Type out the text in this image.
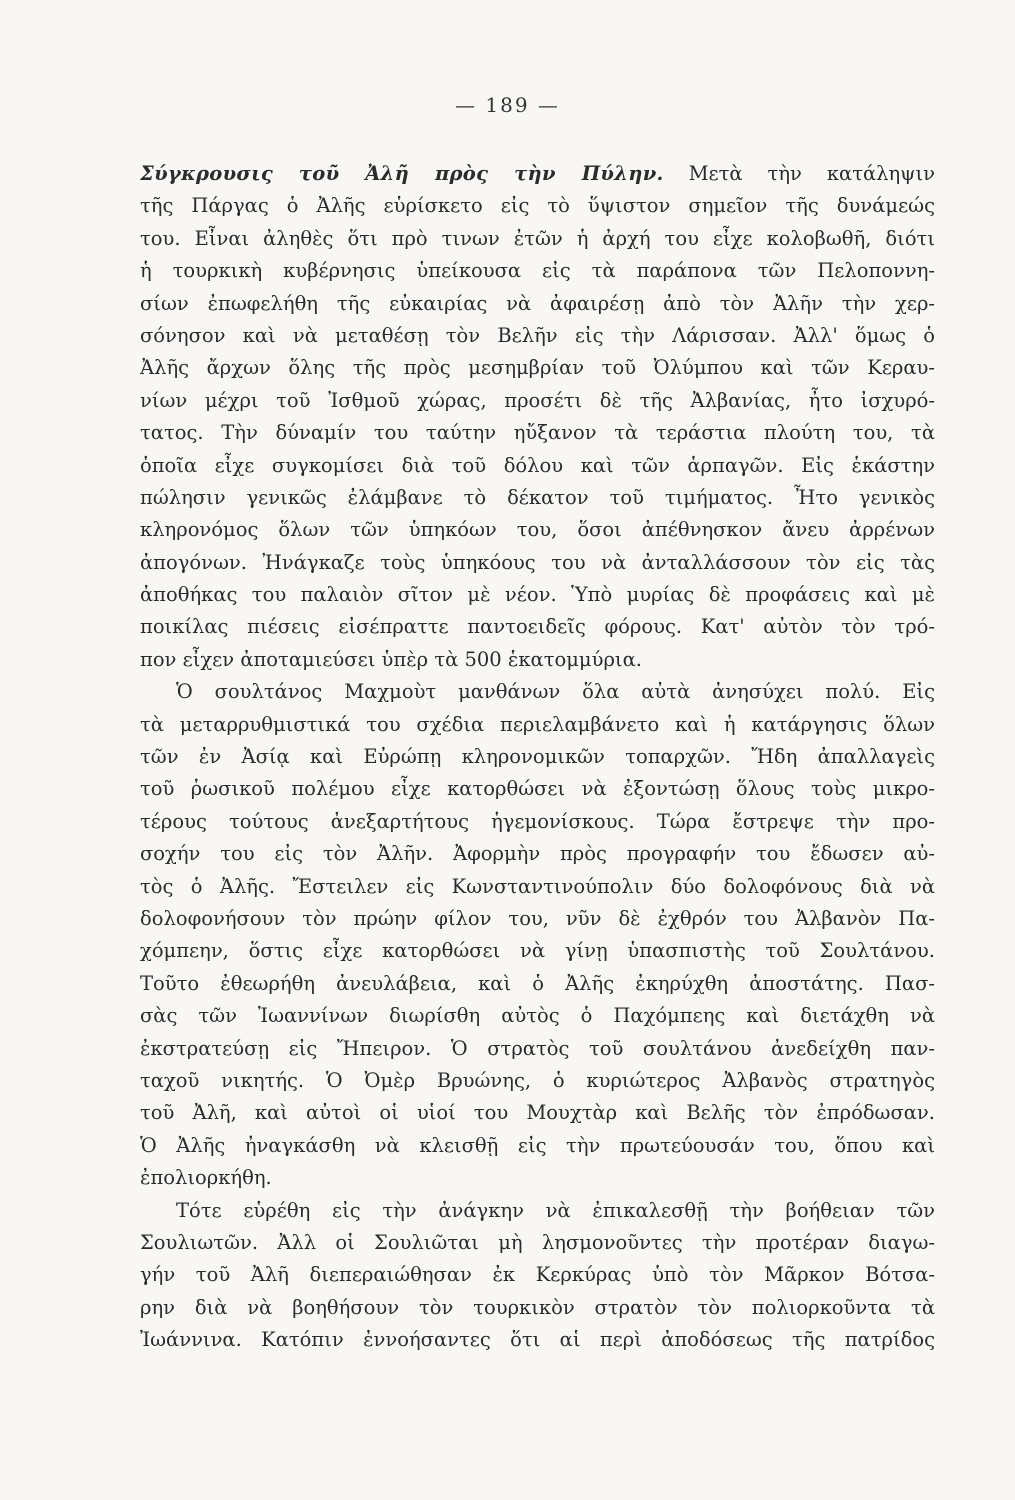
— 189 —
Σύγκρουσις τοῦ Ἀλῆ πρὸς τὴν Πύλην. Μετὰ τὴν κατάληψιν
τῆς Πάργας ὁ Ἀλῆς εὑρίσκετο εἰς τὸ ὕψιστον σημεῖον τῆς δυνάμεώς
του. Εἶναι ἀληθὲς ὅτι πρὸ τινων ἐτῶν ἡ ἀρχή του εἶχε κολοβωθῆ, διότι
ἡ τουρκικὴ κυβέρνησις ὑπείκουσα εἰς τὰ παράπονα τῶν Πελοποννη-
σίων ἐπωφελήθη τῆς εὐκαιρίας νὰ ἀφαιρέσῃ ἀπὸ τὸν Ἀλῆν τὴν χερ-
σόνησον καὶ νὰ μεταθέσῃ τὸν Βελῆν εἰς τὴν Λάρισσαν. Ἀλλ' ὅμως ὁ
Ἀλῆς ἄρχων ὅλης τῆς πρὸς μεσημβρίαν τοῦ Ὀλύμπου καὶ τῶν Κεραυ-
νίων μέχρι τοῦ Ἰσθμοῦ χώρας, προσέτι δὲ τῆς Ἀλβανίας, ἦτο ἰσχυρό-
τατος. Τὴν δύναμίν του ταύτην ηὔξανον τὰ τεράστια πλούτη του, τὰ
ὁποῖα εἶχε συγκομίσει διὰ τοῦ δόλου καὶ τῶν ἁρπαγῶν. Εἰς ἑκάστην
πώλησιν γενικῶς ἐλάμβανε τὸ δέκατον τοῦ τιμήματος. Ἦτο γενικὸς
κληρονόμος ὅλων τῶν ὑπηκόων του, ὅσοι ἀπέθνησκον ἄνευ ἀρρένων
ἀπογόνων. Ἠνάγκαζε τοὺς ὑπηκόους του νὰ ἀνταλλάσσουν τὸν εἰς τὰς
ἀποθήκας του παλαιὸν σῖτον μὲ νέον. Ὑπὸ μυρίας δὲ προφάσεις καὶ μὲ
ποικίλας πιέσεις εἰσέπραττε παντοειδεῖς φόρους. Κατ' αὐτὸν τὸν τρό-
πον εἶχεν ἀποταμιεύσει ὑπὲρ τὰ 500 ἑκατομμύρια.
Ὁ σουλτάνος Μαχμοὺτ μανθάνων ὅλα αὐτὰ ἀνησύχει πολύ. Εἰς
τὰ μεταρρυθμιστικά του σχέδια περιελαμβάνετο καὶ ἡ κατάργησις ὅλων
τῶν ἐν Ἀσίᾳ καὶ Εὐρώπῃ κληρονομικῶν τοπαρχῶν. Ἤδη ἀπαλλαγεὶς
τοῦ ῥωσικοῦ πολέμου εἶχε κατορθώσει νὰ ἐξοντώσῃ ὅλους τοὺς μικρο-
τέρους τούτους ἀνεξαρτήτους ἡγεμονίσκους. Τώρα ἔστρεψε τὴν προ-
σοχήν του εἰς τὸν Ἀλῆν. Ἀφορμὴν πρὸς προγραφήν του ἔδωσεν αὐ-
τὸς ὁ Ἀλῆς. Ἔστειλεν εἰς Κωνσταντινούπολιν δύο δολοφόνους διὰ νὰ
δολοφονήσουν τὸν πρώην φίλον του, νῦν δὲ ἐχθρόν του Ἀλβανὸν Πα-
χόμπεην, ὅστις εἶχε κατορθώσει νὰ γίνῃ ὑπασπιστὴς τοῦ Σουλτάνου.
Τοῦτο ἐθεωρήθη ἀνευλάβεια, καὶ ὁ Ἀλῆς ἐκηρύχθη ἀποστάτης. Πασ-
σὰς τῶν Ἰωαννίνων διωρίσθη αὐτὸς ὁ Παχόμπεης καὶ διετάχθη νὰ
ἐκστρατεύσῃ εἰς Ἤπειρον. Ὁ στρατὸς τοῦ σουλτάνου ἀνεδείχθη παν-
ταχοῦ νικητής. Ὁ Ὀμὲρ Βρυώνης, ὁ κυριώτερος Ἀλβανὸς στρατηγὸς
τοῦ Ἀλῆ, καὶ αὐτοὶ οἱ υἱοί του Μουχτὰρ καὶ Βελῆς τὸν ἐπρόδωσαν.
Ὁ Ἀλῆς ἠναγκάσθη νὰ κλεισθῇ εἰς τὴν πρωτεύουσάν του, ὅπου καὶ
ἐπολιορκήθη.
Τότε εὑρέθη εἰς τὴν ἀνάγκην νὰ ἐπικαλεσθῇ τὴν βοήθειαν τῶν
Σουλιωτῶν. Ἀλλ οἱ Σουλιῶται μὴ λησμονοῦντες τὴν προτέραν διαγω-
γήν τοῦ Ἀλῆ διεπεραιώθησαν ἐκ Κερκύρας ὑπὸ τὸν Μᾶρκον Βότσα-
ρην διὰ νὰ βοηθήσουν τὸν τουρκικὸν στρατὸν τὸν πολιορκοῦντα τὰ
Ἰωάννινα. Κατόπιν ἐννοήσαντες ὅτι αἱ περὶ ἀποδόσεως τῆς πατρίδος
